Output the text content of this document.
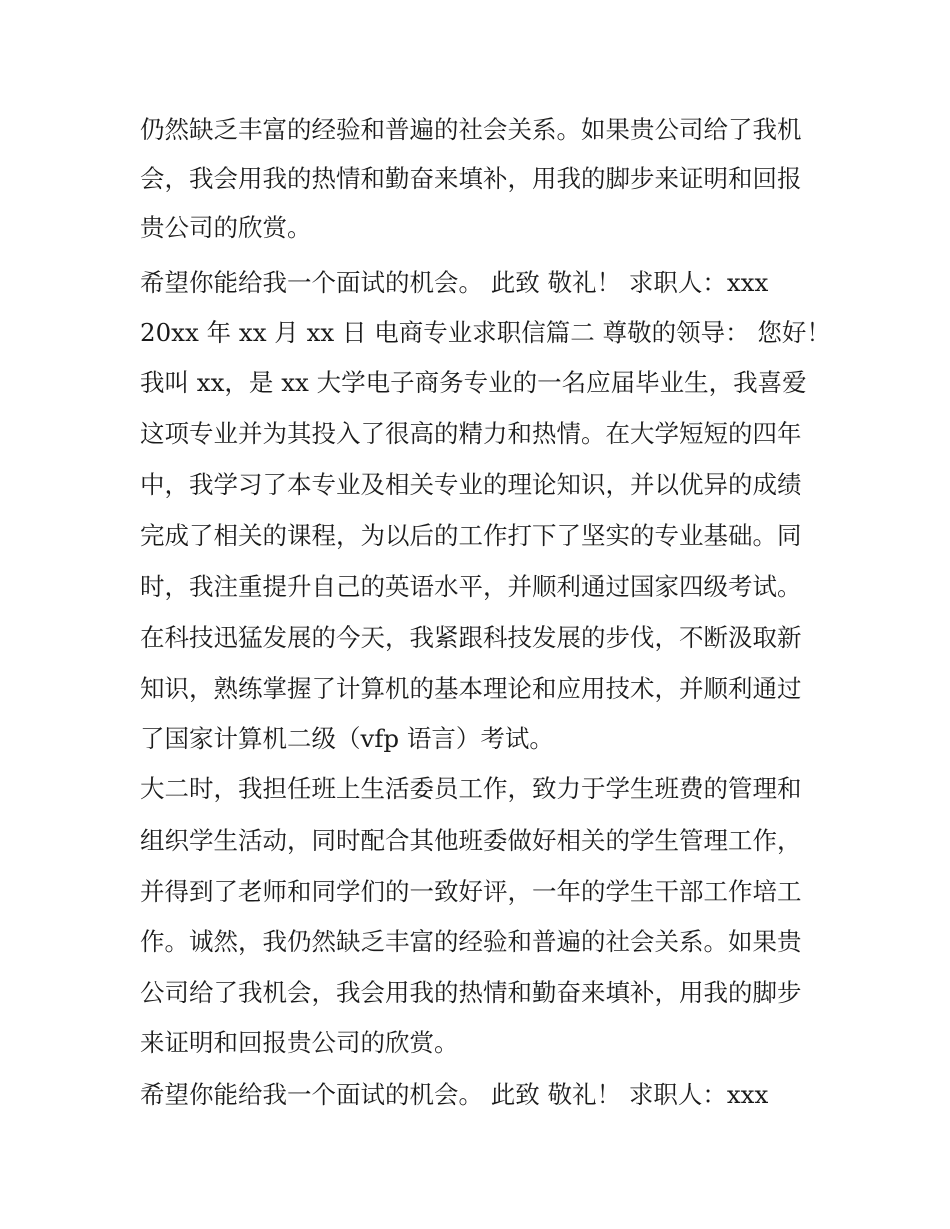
仍然缺乏丰富的经验和普遍的社会关系。如果贵公司给了我机
会，我会用我的热情和勤奋来填补，用我的脚步来证明和回报
贵公司的欣赏。
希望你能给我一个面试的机会。 此致 敬礼！ 求职人：xxx
20xx 年 xx 月 xx 日 电商专业求职信篇二 尊敬的领导： 您好！
我叫 xx，是 xx 大学电子商务专业的一名应届毕业生，我喜爱
这项专业并为其投入了很高的精力和热情。在大学短短的四年
中，我学习了本专业及相关专业的理论知识，并以优异的成绩
完成了相关的课程，为以后的工作打下了坚实的专业基础。同
时，我注重提升自己的英语水平，并顺利通过国家四级考试。
在科技迅猛发展的今天，我紧跟科技发展的步伐，不断汲取新
知识，熟练掌握了计算机的基本理论和应用技术，并顺利通过
了国家计算机二级（vfp 语言）考试。
大二时，我担任班上生活委员工作，致力于学生班费的管理和
组织学生活动，同时配合其他班委做好相关的学生管理工作，
并得到了老师和同学们的一致好评，一年的学生干部工作培工
作。诚然，我仍然缺乏丰富的经验和普遍的社会关系。如果贵
公司给了我机会，我会用我的热情和勤奋来填补，用我的脚步
来证明和回报贵公司的欣赏。
希望你能给我一个面试的机会。 此致 敬礼！ 求职人：xxx
